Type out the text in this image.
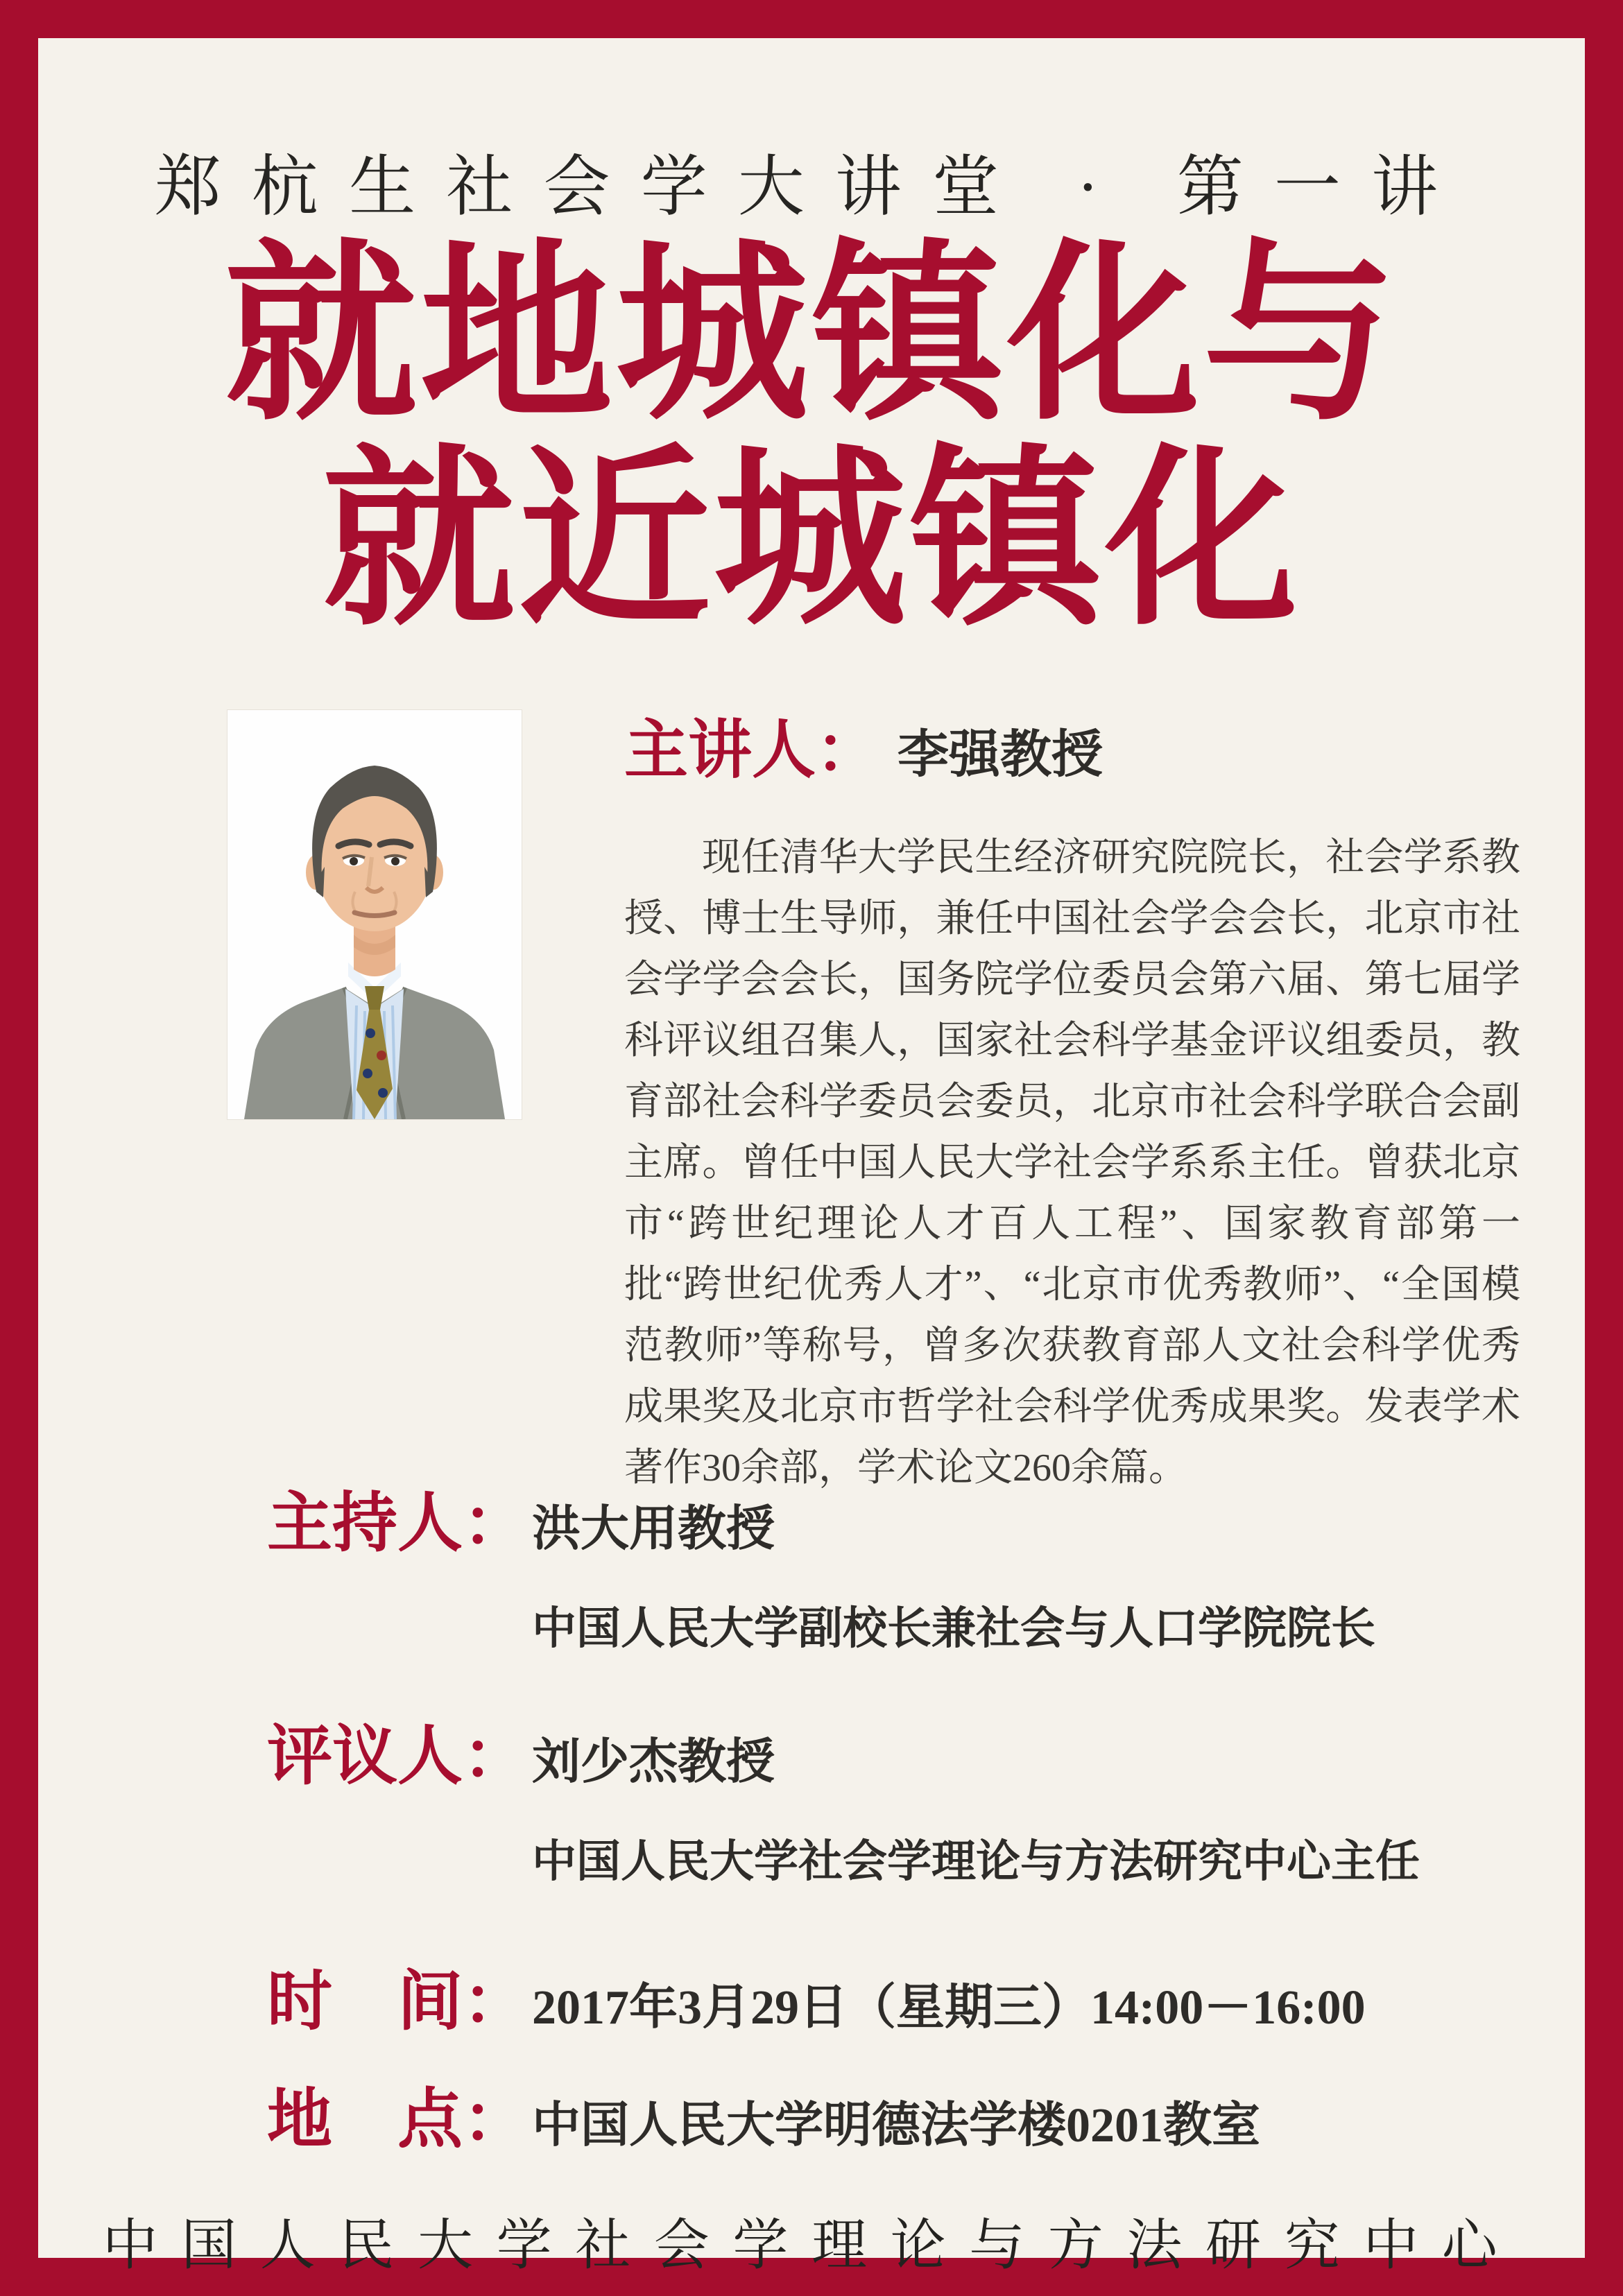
郑杭生社会学大讲堂 · 第一讲
就地城镇化与
就近城镇化
主讲人： 李强教授

现任清华大学民生经济研究院院长，社会学系教授、博士生导师，兼任中国社会学会会长，北京市社会学学会会长，国务院学位委员会第六届、第七届学科评议组召集人，国家社会科学基金评议组委员，教育部社会科学委员会委员，北京市社会科学联合会副主席。曾任中国人民大学社会学系系主任。曾获北京市“跨世纪理论人才百人工程”、国家教育部第一批“跨世纪优秀人才”、“北京市优秀教师”、“全国模范教师”等称号，曾多次获教育部人文社会科学优秀成果奖及北京市哲学社会科学优秀成果奖。发表学术著作30余部，学术论文260余篇。

主持人： 洪大用教授
中国人民大学副校长兼社会与人口学院院长
评议人： 刘少杰教授
中国人民大学社会学理论与方法研究中心主任
时　间： 2017年3月29日（星期三）14:00－16:00
地　点： 中国人民大学明德法学楼0201教室
中国人民大学社会学理论与方法研究中心
